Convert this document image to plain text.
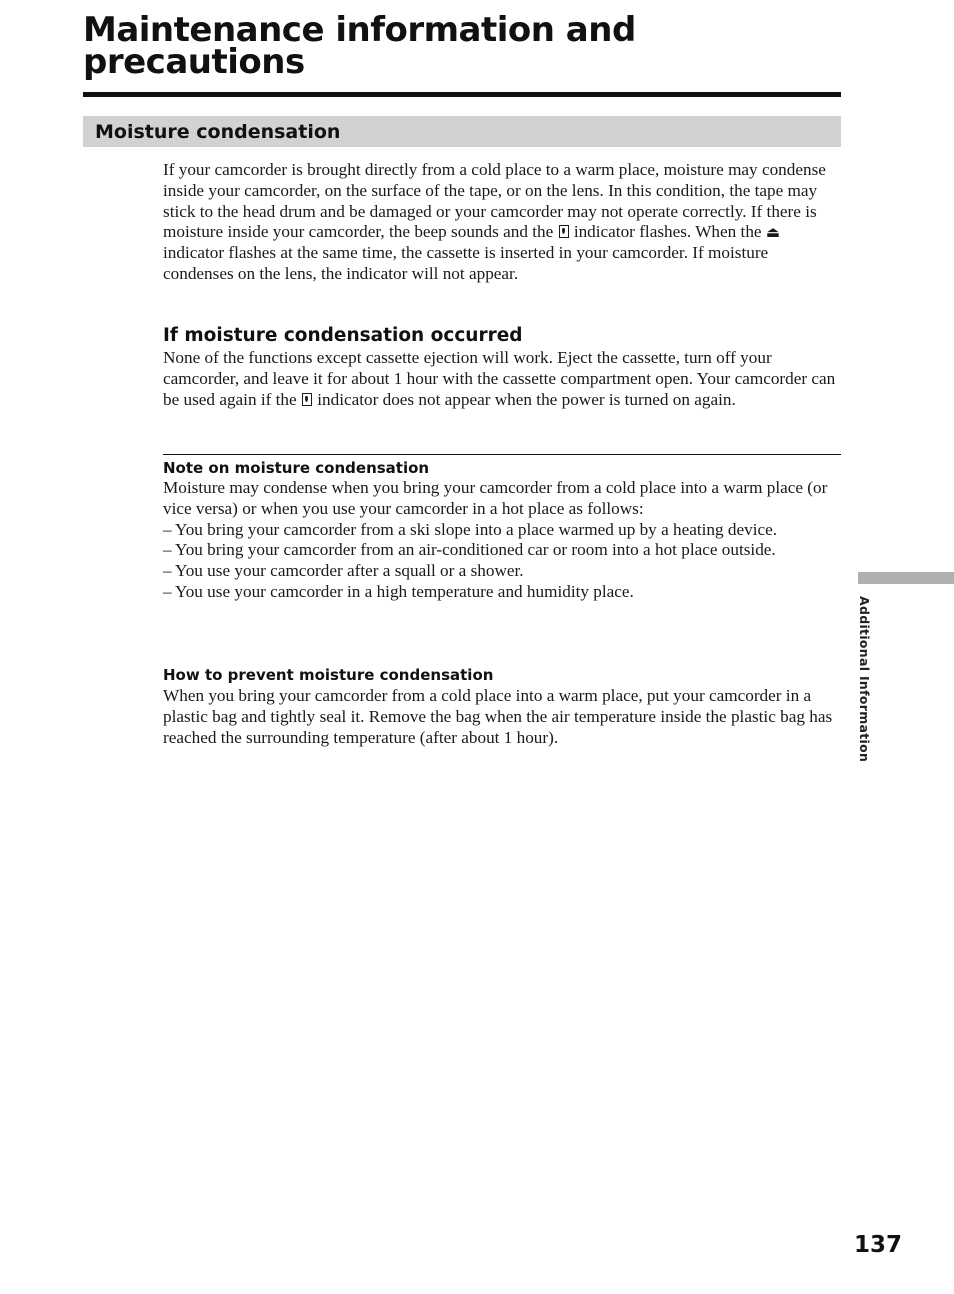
Maintenance information and precautions
Moisture condensation
If your camcorder is brought directly from a cold place to a warm place, moisture may condense inside your camcorder, on the surface of the tape, or on the lens. In this condition, the tape may stick to the head drum and be damaged or your camcorder may not operate correctly. If there is moisture inside your camcorder, the beep sounds and the  indicator flashes. When the ⏏ indicator flashes at the same time, the cassette is inserted in your camcorder. If moisture condenses on the lens, the indicator will not appear.
If moisture condensation occurred
None of the functions except cassette ejection will work. Eject the cassette, turn off your camcorder, and leave it for about 1 hour with the cassette compartment open. Your camcorder can be used again if the  indicator does not appear when the power is turned on again.
Note on moisture condensation
Moisture may condense when you bring your camcorder from a cold place into a warm place (or vice versa) or when you use your camcorder in a hot place as follows:
– You bring your camcorder from a ski slope into a place warmed up by a heating device.
– You bring your camcorder from an air-conditioned car or room into a hot place outside.
– You use your camcorder after a squall or a shower.
– You use your camcorder in a high temperature and humidity place.
How to prevent moisture condensation
When you bring your camcorder from a cold place into a warm place, put your camcorder in a plastic bag and tightly seal it. Remove the bag when the air temperature inside the plastic bag has reached the surrounding temperature (after about 1 hour).	Additional Information
137
